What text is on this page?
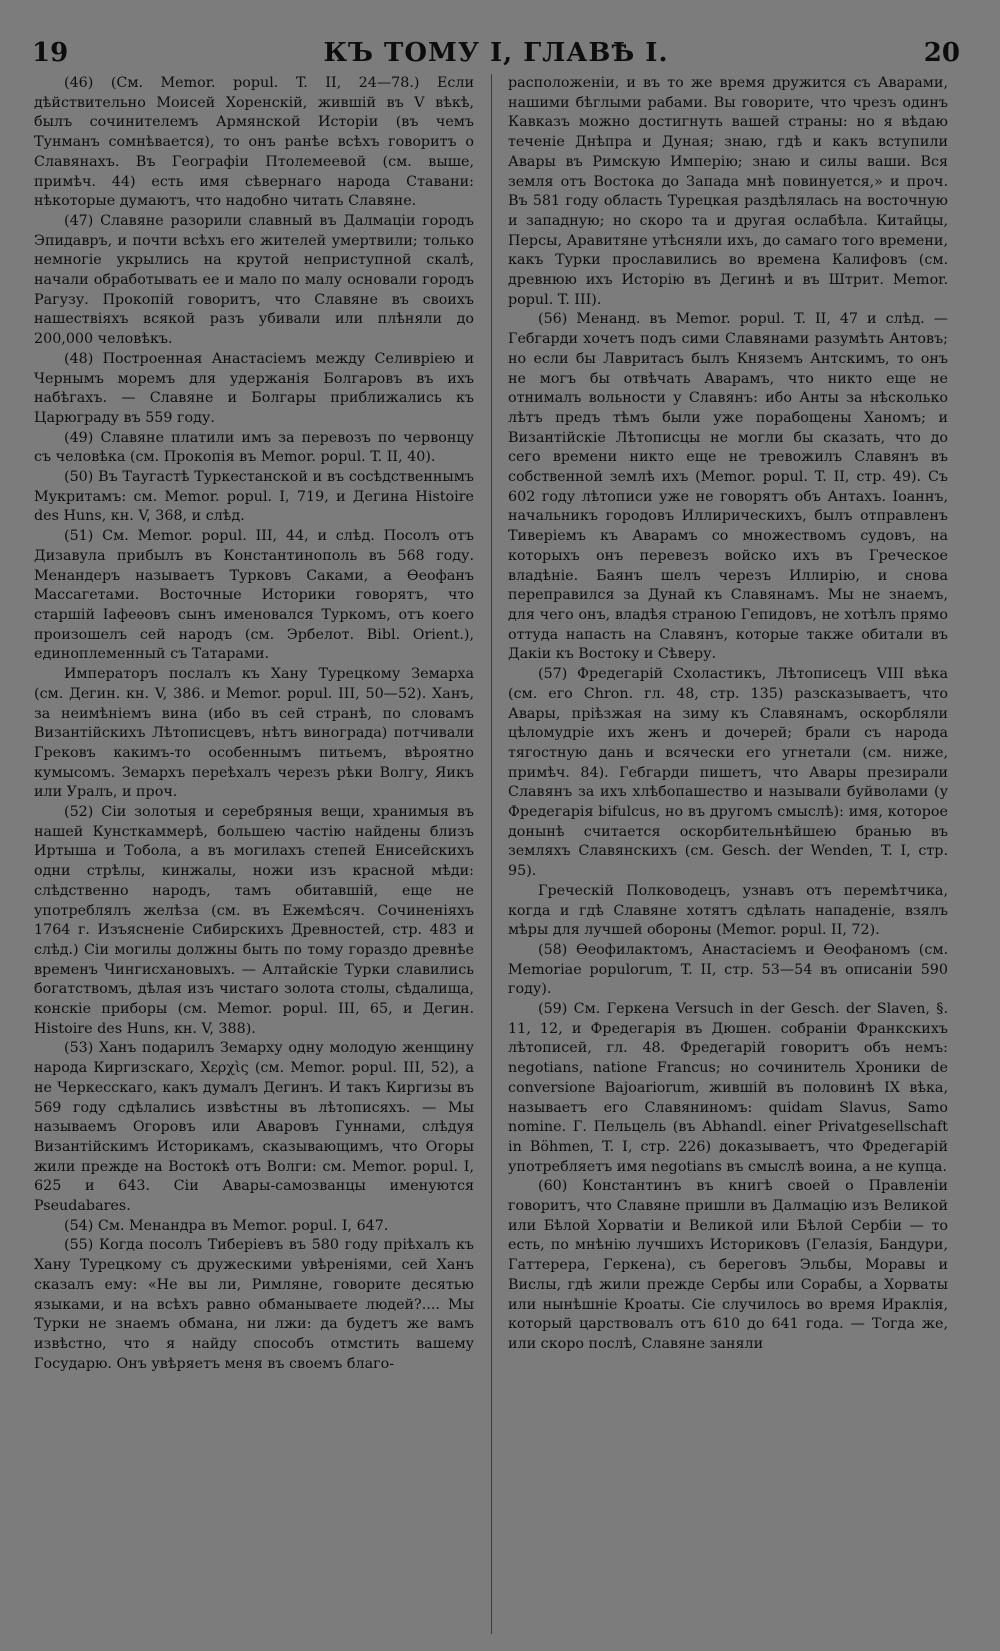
19	КЪ ТОМУ I, ГЛАВѢ I.	20

(46) (См. Memor. popul. T. II, 24—78.) Если дѣйствительно Моисей Хоренскій, жившій въ V вѣкѣ, былъ сочинителемъ Армянской Исторіи (въ чемъ Тунманъ сомнѣвается), то онъ ранѣе всѣхъ говоритъ о Славянахъ. Въ Географіи Птолемеевой (см. выше, примѣч. 44) есть имя сѣвернаго народа Ставани: нѣкоторые думаютъ, что надобно читать Славяне.

(47) Славяне разорили славный въ Далмаціи городъ Эпидавръ, и почти всѣхъ его жителей умертвили; только немногіе укрылись на крутой неприступной скалѣ, начали обработывать ее и мало по малу основали городъ Рагузу. Прокопій говоритъ, что Славяне въ своихъ нашествіяхъ всякой разъ убивали или плѣняли до 200,000 человѣкъ.

(48) Построенная Анастасіемъ между Селивріею и Чернымъ моремъ для удержанія Болгаровъ въ ихъ набѣгахъ. — Славяне и Болгары приближались къ Царюграду въ 559 году.

(49) Славяне платили имъ за перевозъ по червонцу съ человѣка (см. Прокопія въ Memor. popul. T. II, 40).

(50) Въ Таугастѣ Туркестанской и въ сосѣдственнымъ Мукритамъ: см. Memor. popul. I, 719, и Дегина Histoire des Huns, кн. V, 368, и слѣд.

(51) См. Memor. popul. III, 44, и слѣд. Посолъ отъ Дизавула прибылъ въ Константинополь въ 568 году. Менандеръ называетъ Турковъ Саками, а Ѳеофанъ Массагетами. Восточные Историки говорятъ, что старшій Іафеѳовъ сынъ именовался Туркомъ, отъ коего произошелъ сей народъ (см. Эрбелот. Bibl. Orient.), единоплеменный съ Татарами.

Императоръ послалъ къ Хану Турецкому Земарха (см. Дегин. кн. V, 386. и Memor. popul. III, 50—52). Ханъ, за неимѣніемъ вина (ибо въ сей странѣ, по словамъ Византійскихъ Лѣтописцевъ, нѣтъ винограда) потчивали Грековъ какимъ-то особеннымъ питьемъ, вѣроятно кумысомъ. Земархъ переѣхалъ черезъ рѣки Волгу, Яикъ или Уралъ, и проч.

(52) Сіи золотыя и серебряныя вещи, хранимыя въ нашей Кунсткаммерѣ, большею частію найдены близъ Иртыша и Тобола, а въ могилахъ степей Енисейскихъ одни стрѣлы, кинжалы, ножи изъ красной мѣди: слѣдственно народъ, тамъ обитавшій, еще не употреблялъ желѣза (см. въ Ежемѣсяч. Сочиненіяхъ 1764 г. Изъясненіе Сибирскихъ Древностей, стр. 483 и слѣд.) Сіи могилы должны быть по тому гораздо древнѣе временъ Чингисхановыхъ. — Алтайскіе Турки славились богатствомъ, дѣлая изъ чистаго золота столы, сѣдалища, конскіе приборы (см. Memor. popul. III, 65, и Дегин. Histoire des Huns, кн. V, 388).

(53) Ханъ подарилъ Земарху одну молодую женщину народа Киргизскаго, Χερχὶς (см. Memor. popul. III, 52), а не Черкесскаго, какъ думалъ Дегинъ. И такъ Киргизы въ 569 году сдѣлались извѣстны въ лѣтописяхъ. — Мы называемъ Огоровъ или Аваровъ Гуннами, слѣдуя Византійскимъ Историкамъ, сказывающимъ, что Огоры жили прежде на Востокѣ отъ Волги: см. Memor. popul. I, 625 и 643. Сіи Авары-самозванцы именуются Pseudabares.

(54) См. Менандра въ Memor. popul. I, 647.

(55) Когда посолъ Тиберіевъ въ 580 году пріѣхалъ къ Хану Турецкому съ дружескими увѣреніями, сей Ханъ сказалъ ему: «Не вы ли, Римляне, говорите десятью языками, и на всѣхъ равно обманываете людей?.... Мы Турки не знаемъ обмана, ни лжи: да будетъ же вамъ извѣстно, что я найду способъ отмстить вашему Государю. Онъ увѣряетъ меня въ своемъ благо-

расположеніи, и въ то же время дружится съ Аварами, нашими бѣглыми рабами. Вы говорите, что чрезъ одинъ Кавказъ можно достигнуть вашей страны: но я вѣдаю теченіе Днѣпра и Дуная; знаю, гдѣ и какъ вступили Авары въ Римскую Имперію; знаю и силы ваши. Вся земля отъ Востока до Запада мнѣ повинуется,» и проч. Въ 581 году область Турецкая раздѣлялась на восточную и западную; но скоро та и другая ослабѣла. Китайцы, Персы, Аравитяне утѣсняли ихъ, до самаго того времени, какъ Турки прославились во времена Калифовъ (см. древнюю ихъ Исторію въ Дегинѣ и въ Штрит. Memor. popul. T. III).

(56) Менанд. въ Memor. popul. T. II, 47 и слѣд. — Гебгарди хочетъ подъ сими Славянами разумѣть Антовъ; но если бы Лавритасъ былъ Княземъ Антскимъ, то онъ не могъ бы отвѣчать Аварамъ, что никто еще не отнималъ вольности у Славянъ: ибо Анты за нѣсколько лѣтъ предъ тѣмъ были уже порабощены Ханомъ; и Византійскіе Лѣтописцы не могли бы сказать, что до сего времени никто еще не тревожилъ Славянъ въ собственной землѣ ихъ (Memor. popul. T. II, стр. 49). Съ 602 году лѣтописи уже не говорятъ объ Антахъ. Іоаннъ, начальникъ городовъ Иллирическихъ, былъ отправленъ Тиверіемъ къ Аварамъ со множествомъ судовъ, на которыхъ онъ перевезъ войско ихъ въ Греческое владѣніе. Баянъ шелъ черезъ Иллирію, и снова переправился за Дунай къ Славянамъ. Мы не знаемъ, для чего онъ, владѣя страною Гепидовъ, не хотѣлъ прямо оттуда напасть на Славянъ, которые также обитали въ Дакіи къ Востоку и Сѣверу.

(57) Фредегарій Схоластикъ, Лѣтописецъ VIII вѣка (см. его Chron. гл. 48, стр. 135) разсказываетъ, что Авары, пріѣзжая на зиму къ Славянамъ, оскорбляли цѣломудріе ихъ женъ и дочерей; брали съ народа тягостную дань и всячески его угнетали (см. ниже, примѣч. 84). Гебгарди пишетъ, что Авары презирали Славянъ за ихъ хлѣбопашество и называли буйволами (у Фредегарія bifulcus, но въ другомъ смыслѣ): имя, которое донынѣ считается оскорбительнѣйшею бранью въ земляхъ Славянскихъ (см. Gesch. der Wenden, T. I, стр. 95).

Греческій Полководецъ, узнавъ отъ перемѣтчика, когда и гдѣ Славяне хотятъ сдѣлать нападеніе, взялъ мѣры для лучшей обороны (Memor. popul. II, 72).

(58) Ѳеофилактомъ, Анастасіемъ и Ѳеофаномъ (см. Memoriae populorum, T. II, стр. 53—54 въ описаніи 590 году).

(59) См. Геркена Versuch in der Gesch. der Slaven, §. 11, 12, и Фредегарія въ Дюшен. собраніи Франкскихъ лѣтописей, гл. 48. Фредегарій говоритъ объ немъ: negotians, natione Francus; но сочинитель Хроники de conversione Bajoariorum, жившій въ половинѣ IX вѣка, называетъ его Славяниномъ: quidam Slavus, Samo nomine. Г. Пельцель (въ Abhandl. einer Privatgesellschaft in Böhmen, T. I, стр. 226) доказываетъ, что Фредегарій употребляетъ имя negotians въ смыслѣ воина, а не купца.

(60) Константинъ въ книгѣ своей о Правленіи говоритъ, что Славяне пришли въ Далмацію изъ Великой или Бѣлой Хорватіи и Великой или Бѣлой Сербіи — то есть, по мнѣнію лучшихъ Историковъ (Гелазія, Бандури, Гаттерера, Геркена), съ береговъ Эльбы, Моравы и Вислы, гдѣ жили прежде Сербы или Сорабы, а Хорваты или нынѣшніе Кроаты. Сіе случилось во время Ираклія, который царствовалъ отъ 610 до 641 года. — Тогда же, или скоро послѣ, Славяне заняли
